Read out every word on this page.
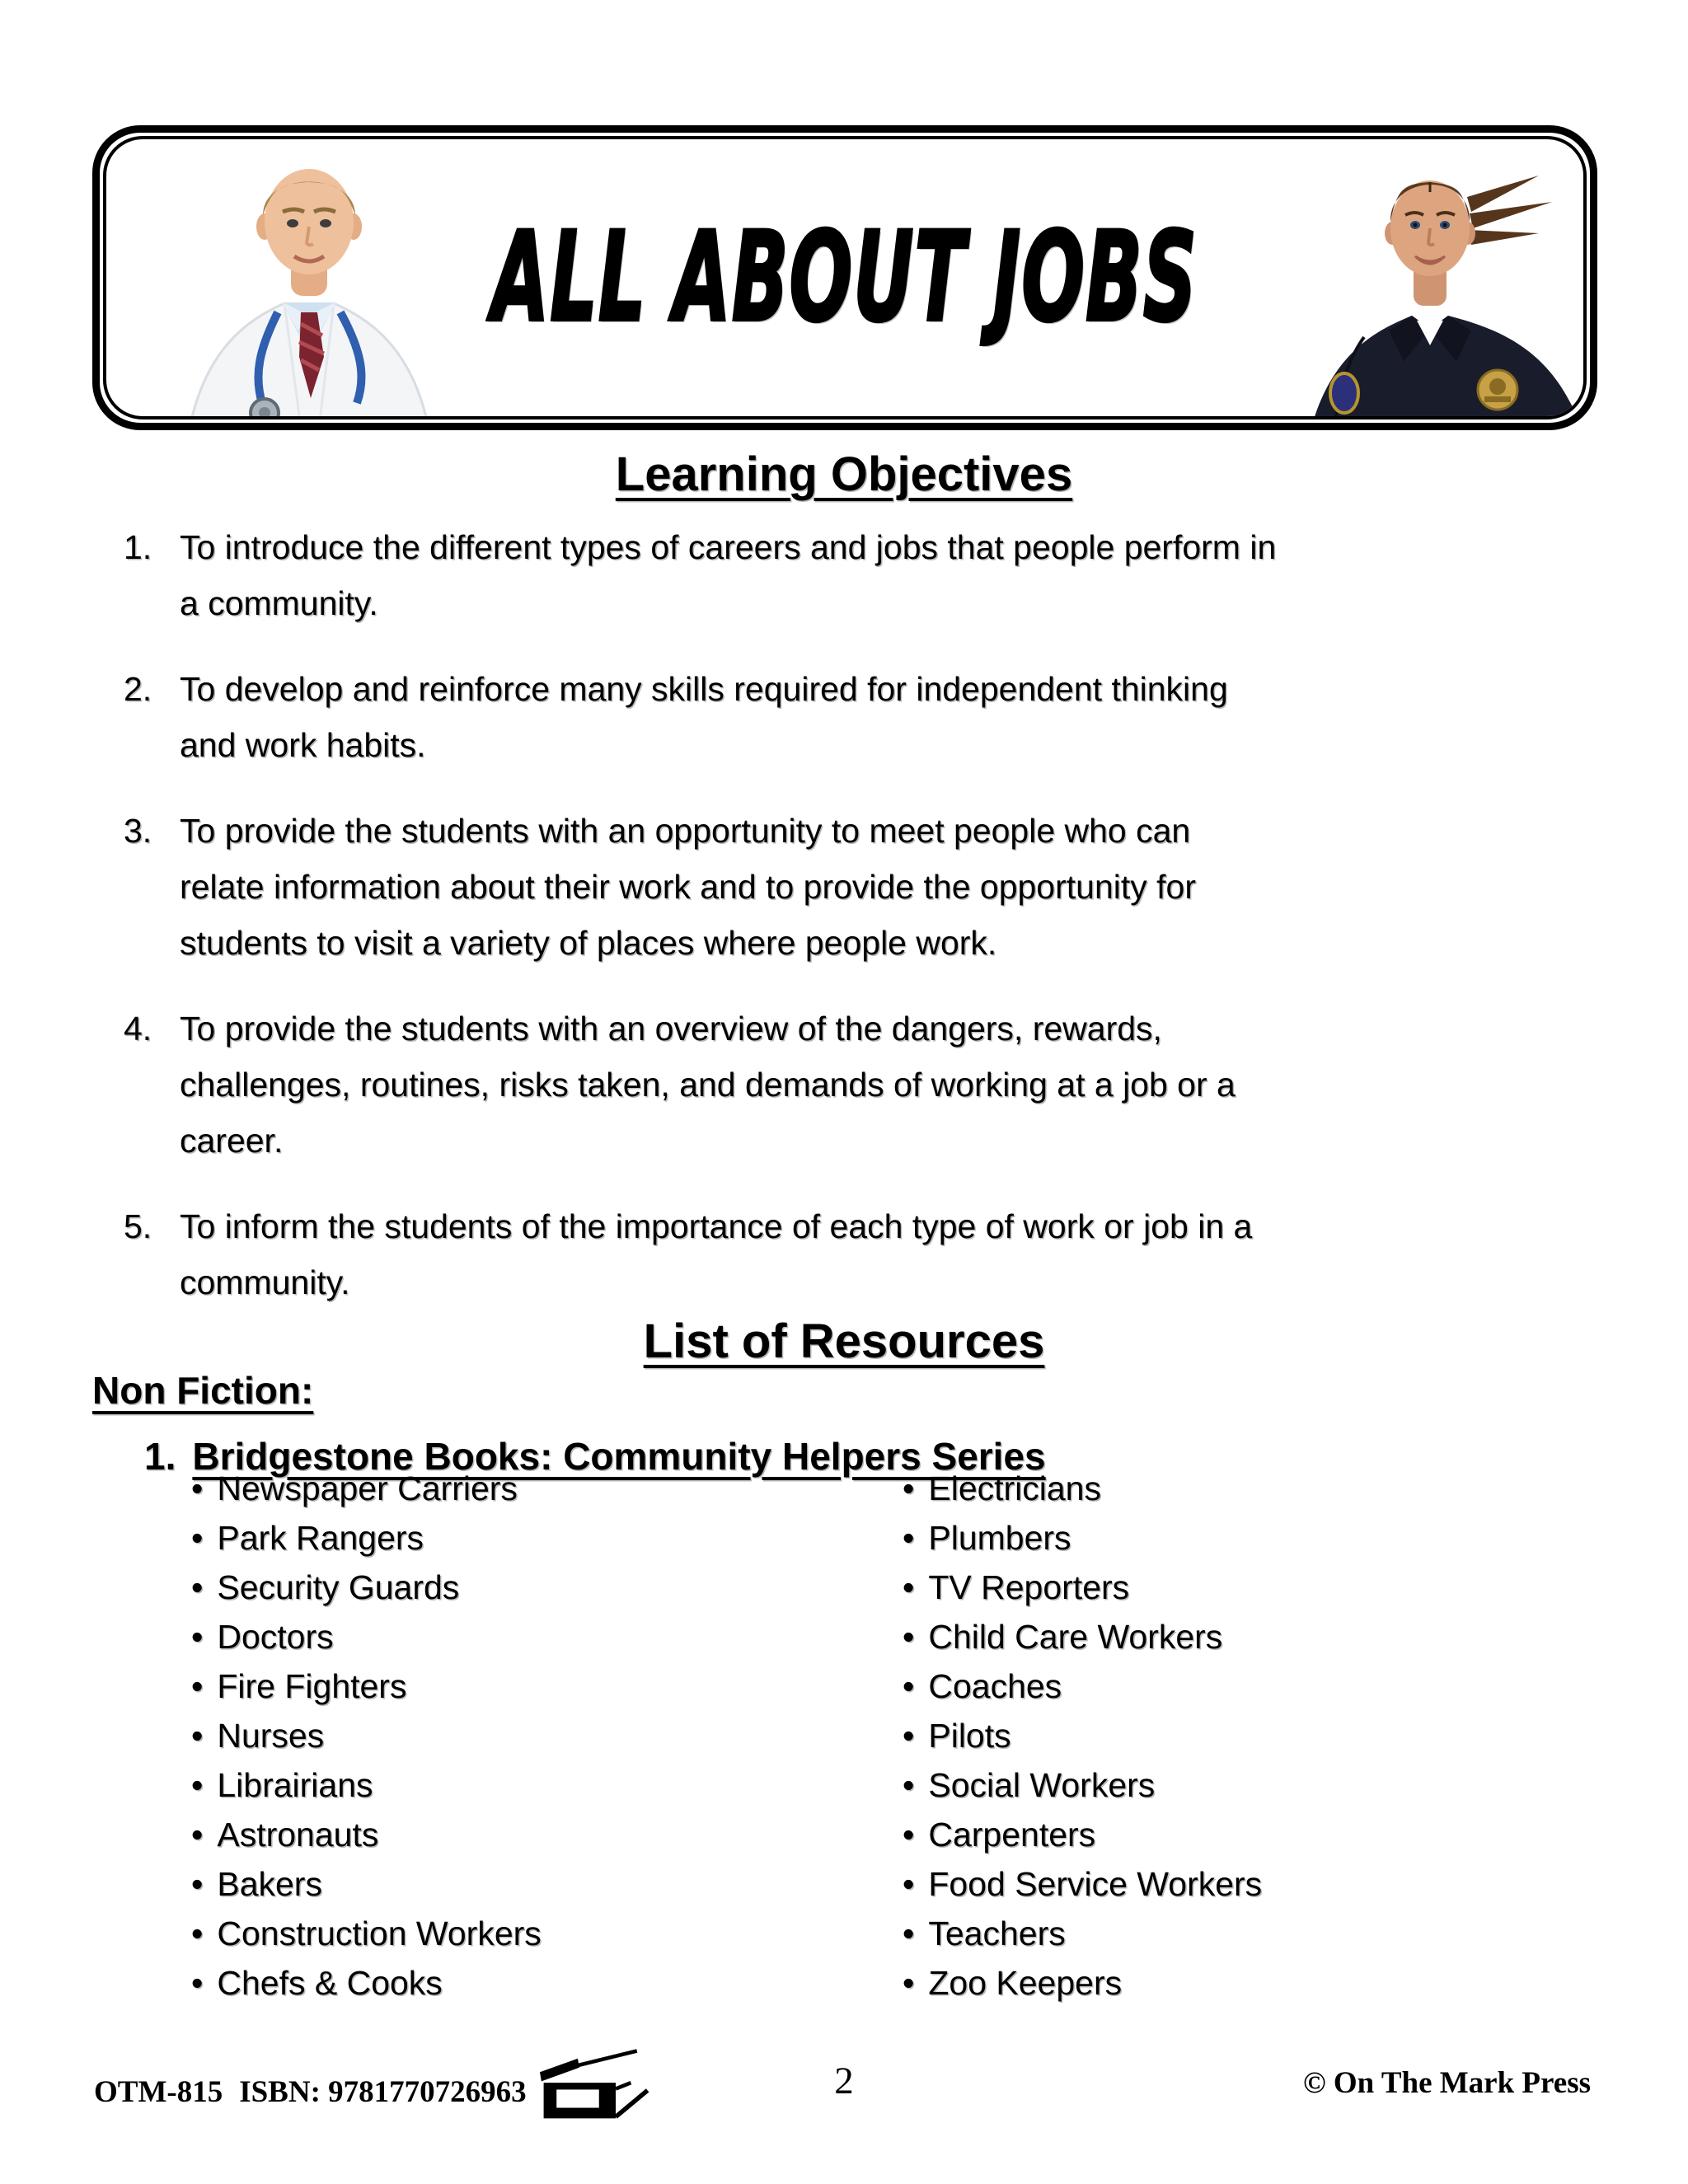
ALL ABOUT JOBS
Learning Objectives
1. To introduce the different types of careers and jobs that people perform in
a community.
2. To develop and reinforce many skills required for independent thinking
and work habits.
3. To provide the students with an opportunity to meet people who can
relate information about their work and to provide the opportunity for
students to visit a variety of places where people work.
4. To provide the students with an overview of the dangers, rewards,
challenges, routines, risks taken, and demands of working at a job or a
career.
5. To inform the students of the importance of each type of work or job in a
community.
List of Resources
Non Fiction:
1. Bridgestone Books: Community Helpers Series
• Newspaper Carriers
• Park Rangers
• Security Guards
• Doctors
• Fire Fighters
• Nurses
• Librairians
• Astronauts
• Bakers
• Construction Workers
• Chefs & Cooks
• Electricians
• Plumbers
• TV Reporters
• Child Care Workers
• Coaches
• Pilots
• Social Workers
• Carpenters
• Food Service Workers
• Teachers
• Zoo Keepers
OTM-815 ISBN: 9781770726963	2	© On The Mark Press
